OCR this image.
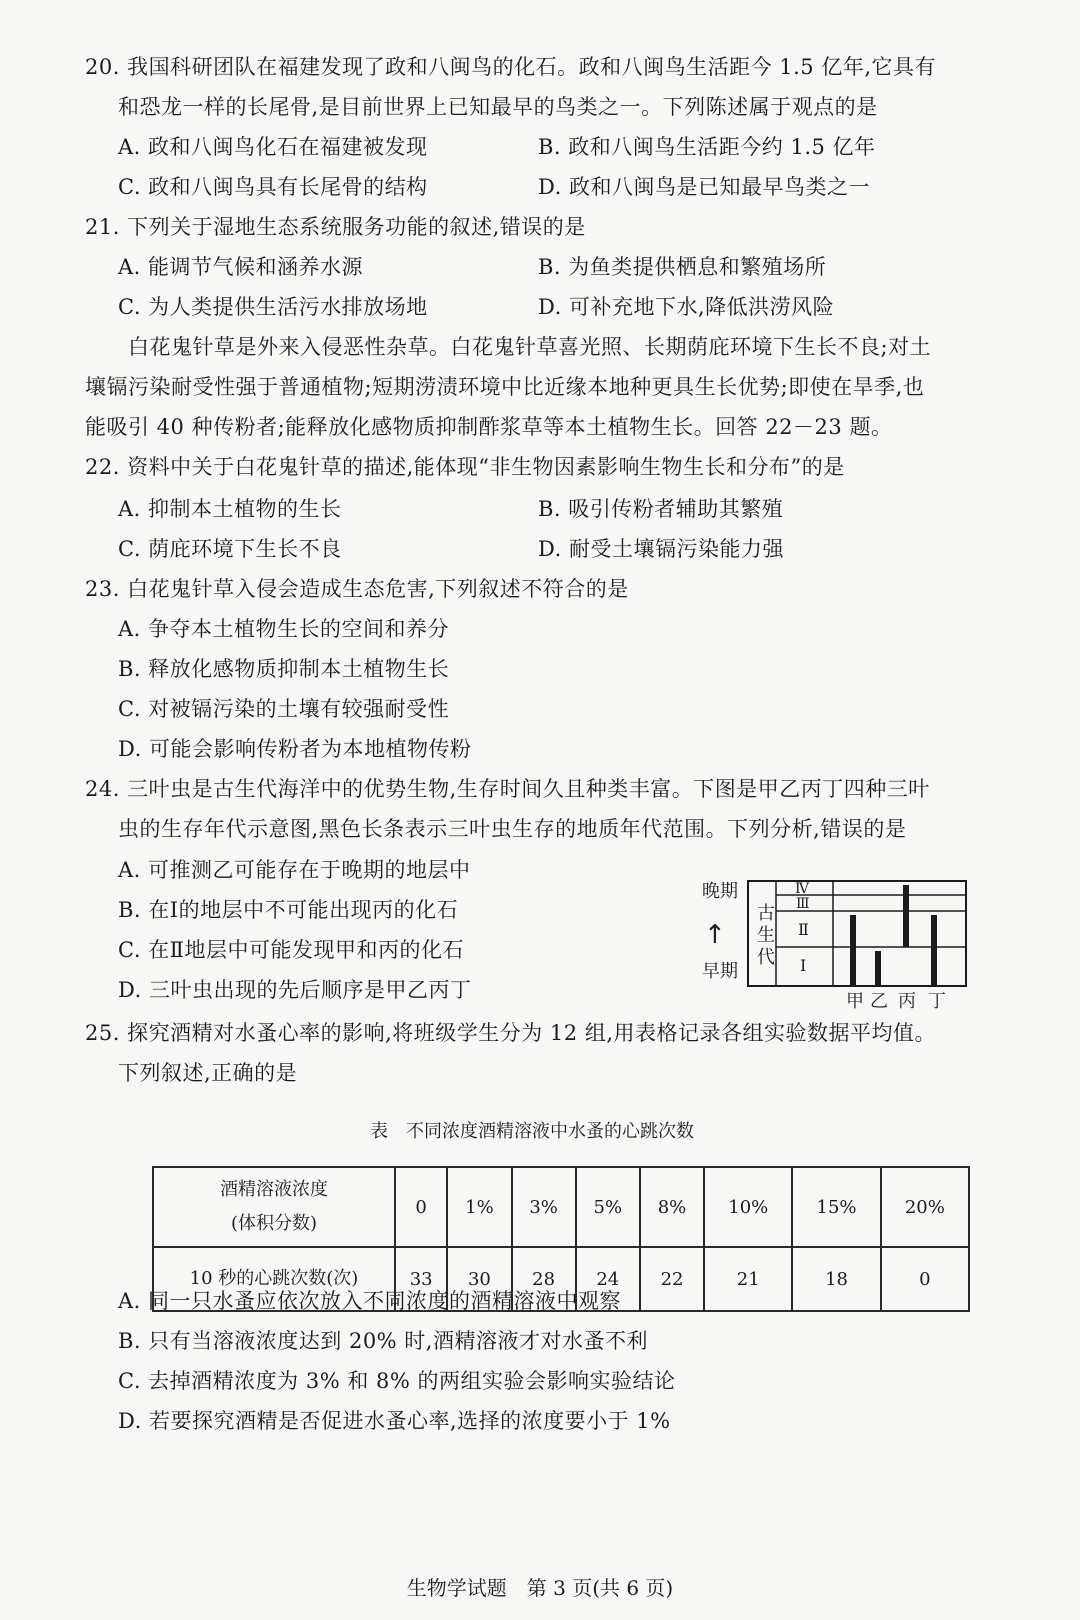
20. 我国科研团队在福建发现了政和八闽鸟的化石。政和八闽鸟生活距今 1.5 亿年,它具有
和恐龙一样的长尾骨,是目前世界上已知最早的鸟类之一。下列陈述属于观点的是
A. 政和八闽鸟化石在福建被发现	B. 政和八闽鸟生活距今约 1.5 亿年
C. 政和八闽鸟具有长尾骨的结构	D. 政和八闽鸟是已知最早鸟类之一
21. 下列关于湿地生态系统服务功能的叙述,错误的是
A. 能调节气候和涵养水源	B. 为鱼类提供栖息和繁殖场所
C. 为人类提供生活污水排放场地	D. 可补充地下水,降低洪涝风险
白花鬼针草是外来入侵恶性杂草。白花鬼针草喜光照、长期荫庇环境下生长不良;对土
壤镉污染耐受性强于普通植物;短期涝渍环境中比近缘本地种更具生长优势;即使在旱季,也
能吸引 40 种传粉者;能释放化感物质抑制酢浆草等本土植物生长。回答 22－23 题。
22. 资料中关于白花鬼针草的描述,能体现“非生物因素影响生物生长和分布”的是
A. 抑制本土植物的生长	B. 吸引传粉者辅助其繁殖
C. 荫庇环境下生长不良	D. 耐受土壤镉污染能力强
23. 白花鬼针草入侵会造成生态危害,下列叙述不符合的是
A. 争夺本土植物生长的空间和养分
B. 释放化感物质抑制本土植物生长
C. 对被镉污染的土壤有较强耐受性
D. 可能会影响传粉者为本地植物传粉
24. 三叶虫是古生代海洋中的优势生物,生存时间久且种类丰富。下图是甲乙丙丁四种三叶
虫的生存年代示意图,黑色长条表示三叶虫生存的地质年代范围。下列分析,错误的是
A. 可推测乙可能存在于晚期的地层中
B. 在Ⅰ的地层中不可能出现丙的化石
C. 在Ⅱ地层中可能发现甲和丙的化石
D. 三叶虫出现的先后顺序是甲乙丙丁
晚期
↑
早期
古
生
代
Ⅳ
Ⅲ
Ⅱ
Ⅰ
甲 乙 丙 丁
25. 探究酒精对水蚤心率的影响,将班级学生分为 12 组,用表格记录各组实验数据平均值。
下列叙述,正确的是
表　不同浓度酒精溶液中水蚤的心跳次数
酒精溶液浓度
(体积分数)	0	1%	3%	5%	8%	10%	15%	20%
10 秒的心跳次数(次)	33	30	28	24	22	21	18	0
A. 同一只水蚤应依次放入不同浓度的酒精溶液中观察
B. 只有当溶液浓度达到 20% 时,酒精溶液才对水蚤不利
C. 去掉酒精浓度为 3% 和 8% 的两组实验会影响实验结论
D. 若要探究酒精是否促进水蚤心率,选择的浓度要小于 1%
生物学试题　第 3 页(共 6 页)
